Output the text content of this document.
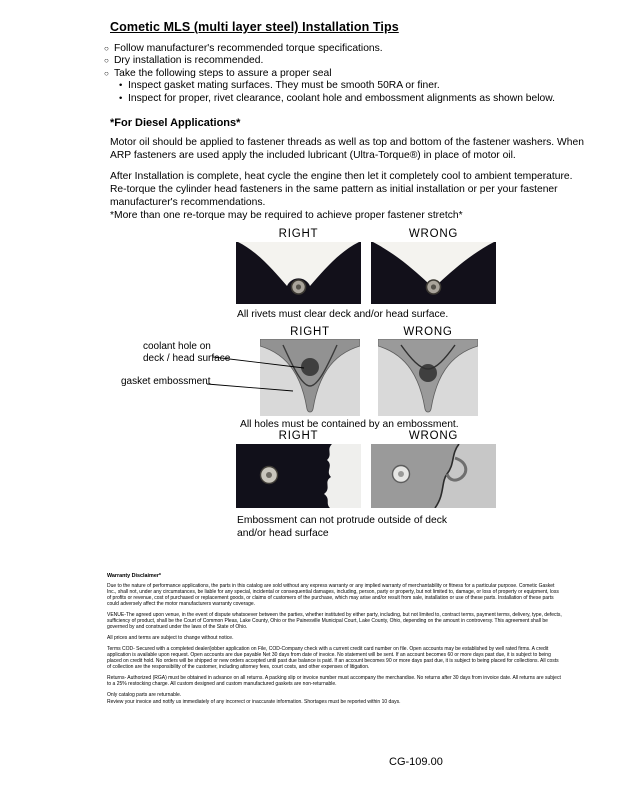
Cometic MLS (multi layer steel) Installation Tips
○ Follow manufacturer's recommended torque specifications.
○ Dry installation is recommended.
○ Take the following steps to assure a proper seal
• Inspect gasket mating surfaces. They must be smooth 50RA or finer.
• Inspect for proper, rivet clearance, coolant hole and embossment alignments as shown below.
*For Diesel Applications*
Motor oil should be applied to fastener threads as well as top and bottom of the fastener washers. When ARP fasteners are used apply the included lubricant (Ultra-Torque®) in place of motor oil.
After Installation is complete, heat cycle the engine then let it completely cool to ambient temperature. Re-torque the cylinder head fasteners in the same pattern as initial installation or per your fastener manufacturer's recommendations.
*More than one re-torque may be required to achieve proper fastener stretch*
RIGHT	WRONG
All rivets must clear deck and/or head surface.
RIGHT	WRONG
coolant hole on
deck / head surface
gasket embossment
All holes must be contained by an embossment.
RIGHT	WRONG
Embossment can not protrude outside of deck
and/or head surface
Warranty Disclaimer*

Due to the nature of performance applications, the parts in this catalog are sold without any express warranty or any implied warranty of merchantability or fitness for a particular purpose. Cometic Gasket Inc., shall not, under any circumstances, be liable for any special, incidental or consequential damages, including, person, party or property, but not limited to, damage, or loss of property or equipment, loss of profits or revenue, cost of purchased or replacement goods, or claims of customers of the purchase, which may arise and/or result from sale, installation or use of these parts. Installation of these parts could adversely affect the motor manufacturers warranty coverage.

VENUE-The agreed upon venue, in the event of dispute whatsoever between the parties, whether instituted by either party, including, but not limited to, contract terms, payment terms, delivery, type, defects, sufficiency of product, shall be the Court of Common Pleas, Lake County, Ohio or the Painesville Municipal Court, Lake County, Ohio, depending on the amount in controversy. This agreement shall be governed by and construed under the laws of the State of Ohio.

All prices and terms are subject to change without notice.

Terms COD- Secured with a completed dealer/jobber application on File, COD-Company check with a current credit card number on file. Open accounts may be established by well rated firms. A credit application is available upon request. Open accounts are due payable Net 30 days from date of invoice. No statement will be sent. If an account becomes 60 or more days past due, it is subject to being placed on credit hold. No orders will be shipped or new orders accepted until past due balance is paid. If an account becomes 90 or more days past due, it is subject to being placed for collections. All costs of collection are the responsibility of the customer, including attorney fees, court costs, and other expenses of litigation.

Returns- Authorized (RGA) must be obtained in advance on all returns. A packing slip or invoice number must accompany the merchandise. No returns after 30 days from invoice date. All returns are subject to a 25% restocking charge. All custom designed and custom manufactured gaskets are non-returnable.

Only catalog parts are returnable.

Review your invoice and notify us immediately of any incorrect or inaccurate information. Shortages must be reported within 10 days.

CG-109.00
